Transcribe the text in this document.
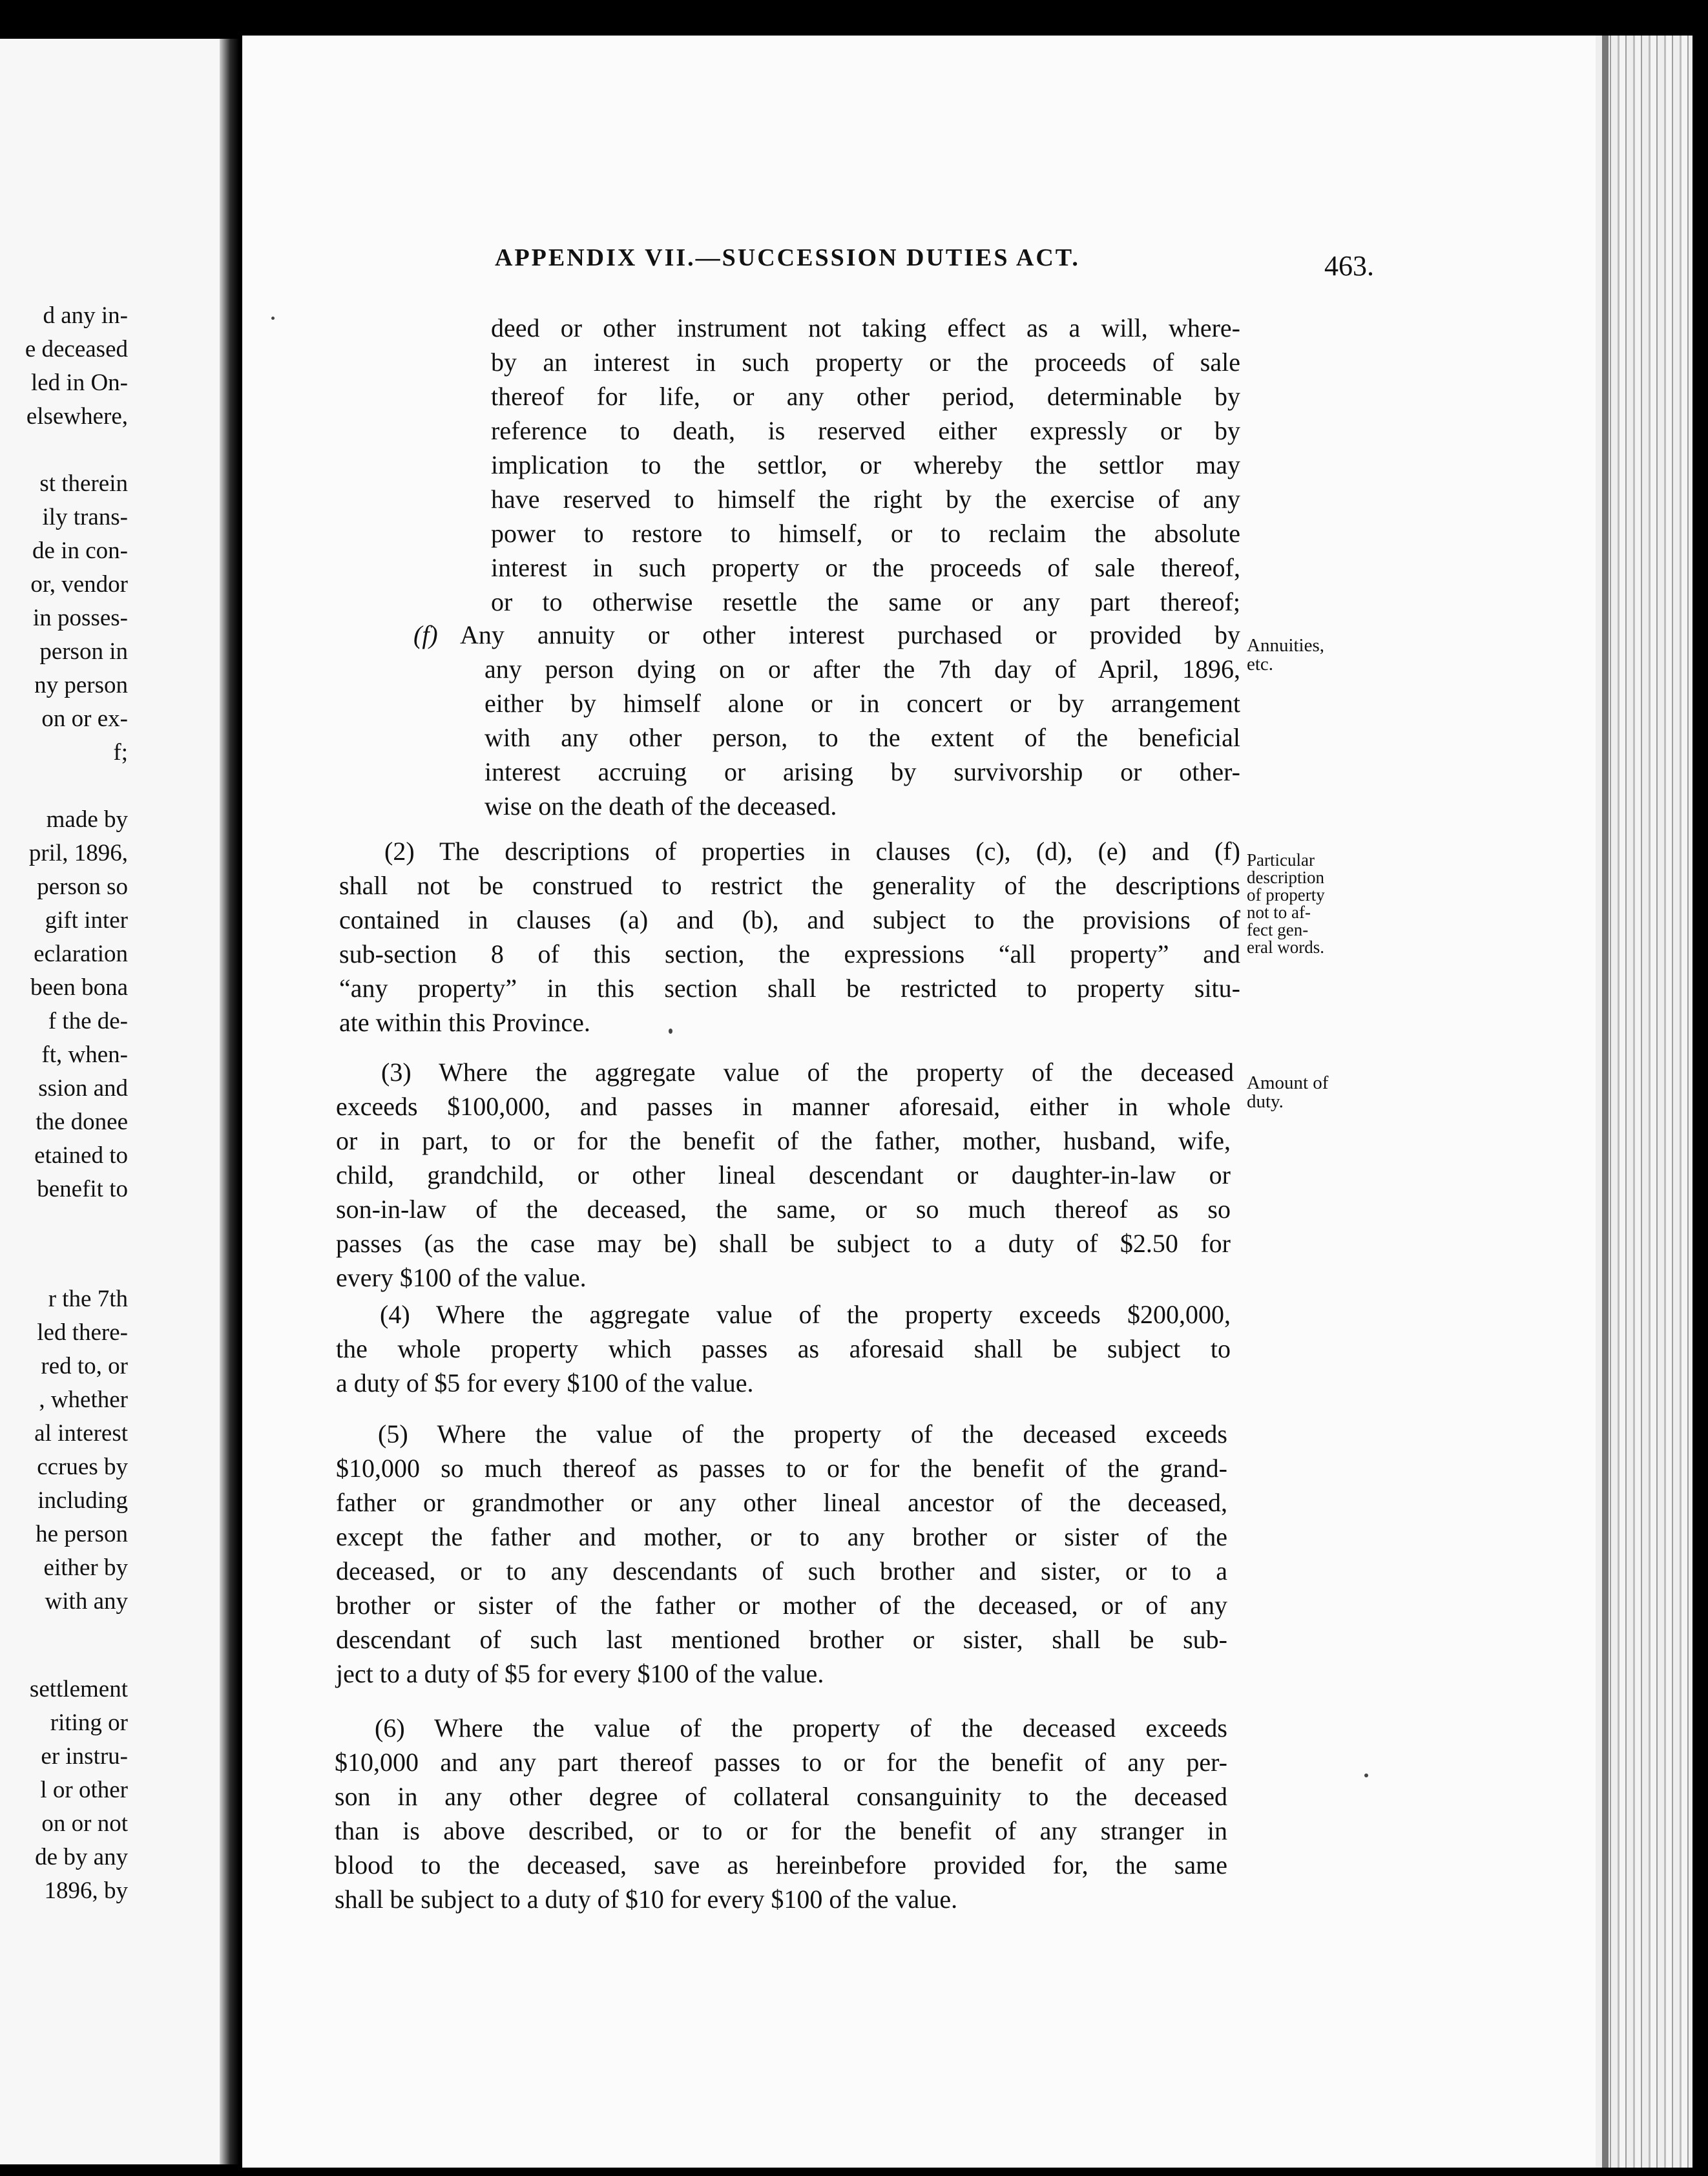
d any in-
e deceased
led in On-
elsewhere,
st therein
ily trans-
de in con-
or, vendor
in posses-
person in
ny person
on or ex-
f;
made by
pril, 1896,
person so
gift inter
eclaration
been bona
f the de-
ft, when-
ssion and
the donee
etained to
benefit to
r the 7th
led there-
red to, or
, whether
al interest
ccrues by
including
he person
either by
with any
settlement
riting or
er instru-
l or other
on or not
de by any
1896, by
APPENDIX VII.—SUCCESSION DUTIES ACT.	463.
deed or other instrument not taking effect as a will, where-
by an interest in such property or the proceeds of sale
thereof for life, or any other period, determinable by
reference to death, is reserved either expressly or by
implication to the settlor, or whereby the settlor may
have reserved to himself the right by the exercise of any
power to restore to himself, or to reclaim the absolute
interest in such property or the proceeds of sale thereof,
or to otherwise resettle the same or any part thereof;
(f) Any annuity or other interest purchased or provided by
any person dying on or after the 7th day of April, 1896,
either by himself alone or in concert or by arrangement
with any other person, to the extent of the beneficial
interest accruing or arising by survivorship or other-
wise on the death of the deceased.
(2) The descriptions of properties in clauses (c), (d), (e) and (f)
shall not be construed to restrict the generality of the descriptions
contained in clauses (a) and (b), and subject to the provisions of
sub-section 8 of this section, the expressions “all property” and
“any property” in this section shall be restricted to property situ-
ate within this Province.
(3) Where the aggregate value of the property of the deceased
exceeds $100,000, and passes in manner aforesaid, either in whole
or in part, to or for the benefit of the father, mother, husband, wife,
child, grandchild, or other lineal descendant or daughter-in-law or
son-in-law of the deceased, the same, or so much thereof as so
passes (as the case may be) shall be subject to a duty of $2.50 for
every $100 of the value.
(4) Where the aggregate value of the property exceeds $200,000,
the whole property which passes as aforesaid shall be subject to
a duty of $5 for every $100 of the value.
(5) Where the value of the property of the deceased exceeds
$10,000 so much thereof as passes to or for the benefit of the grand-
father or grandmother or any other lineal ancestor of the deceased,
except the father and mother, or to any brother or sister of the
deceased, or to any descendants of such brother and sister, or to a
brother or sister of the father or mother of the deceased, or of any
descendant of such last mentioned brother or sister, shall be sub-
ject to a duty of $5 for every $100 of the value.
(6) Where the value of the property of the deceased exceeds
$10,000 and any part thereof passes to or for the benefit of any per-
son in any other degree of collateral consanguinity to the deceased
than is above described, or to or for the benefit of any stranger in
blood to the deceased, save as hereinbefore provided for, the same
shall be subject to a duty of $10 for every $100 of the value.
Annuities,
etc.
Particular
description
of property
not to af-
fect gen-
eral words.
Amount of
duty.
